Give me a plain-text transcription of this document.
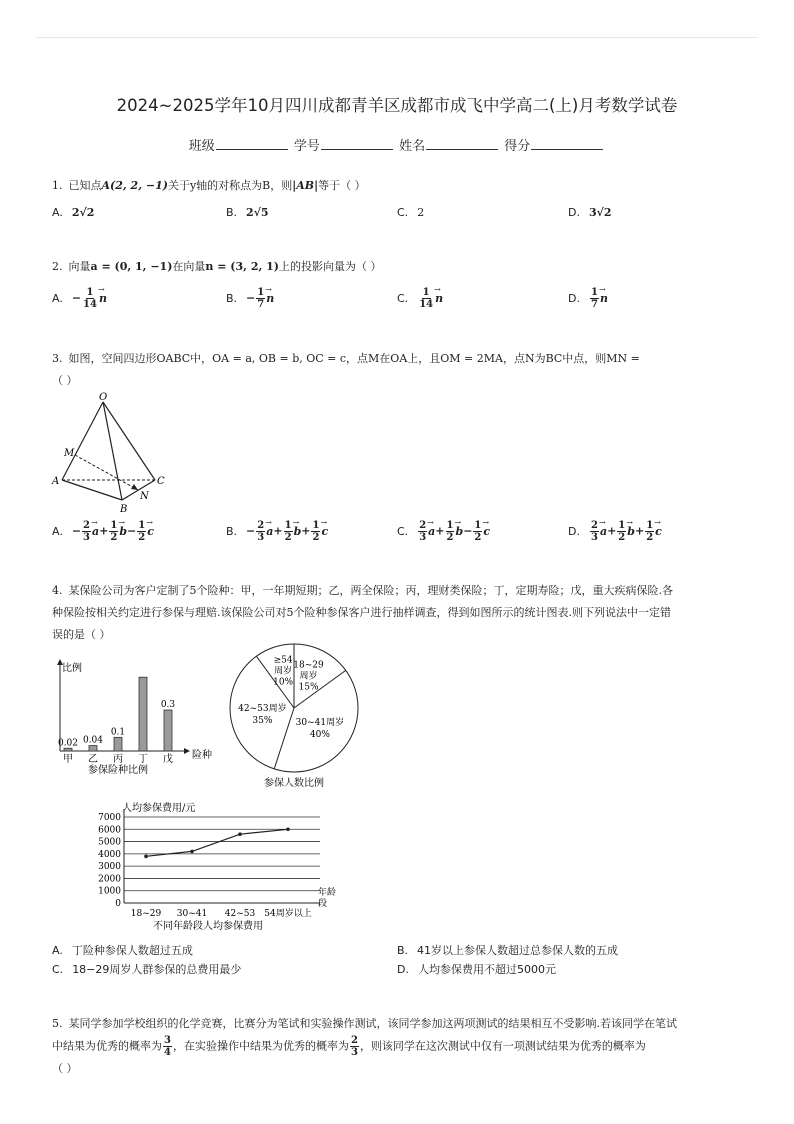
2024~2025学年10月四川成都青羊区成都市成飞中学高二(上)月考数学试卷
班级	学号	姓名	得分
1. 已知点A(2, 2, −1)关于y轴的对称点为B，则|AB|等于（ ）
A. 2√2	B. 2√5	C. 2	D. 3√2
2. 向量a = (0, 1, −1)在向量n = (3, 2, 1)上的投影向量为（ ）
A. − $\frac{1}{14}$
→ n	B. − $\frac{1}{7}$
→ n	C. $\frac{1}{14}$
→ n	D. $\frac{1}{7}$
→ n
3. 如图，空间四边形OABC中，OA = a, OB = b, OC = c，点M在OA上，且OM = 2MA，点N为BC中点，则MN =
（ ）
O
M
A
B
C
N
A. − $\frac{2}{3}$
→ $a+ \frac{1}{2}$
→ $b- \frac{1}{2}$
→ c	B. − $\frac{2}{3}$
→ $a+ \frac{1}{2}$
→ $b+ \frac{1}{2}$
→ c	C. $\frac{2}{3}$
→ $a+ \frac{1}{2}$
→ $b- \frac{1}{2}$
→ c	D. $\frac{2}{3}$
→ $a+ \frac{1}{2}$
→ $b+ \frac{1}{2}$
→ c
4. 某保险公司为客户定制了5个险种：甲，一年期短期；乙，两全保险；丙，理财类保险；丁，定期寿险；戊，重大疾病保险.各
种保险按相关约定进行参保与理赔.该保险公司对5个险种参保客户进行抽样调查，得到如图所示的统计图表.则下列说法中一定错
误的是（ ）
比例
险种
参保险种比例
甲
0.02
乙
0.04
丙
0.1
丁 戊
0.3
18~29
周岁
15%
30~41周岁
40%
42~53周岁
35%
≥54
周岁
10%
参保人数比例
人均参保费用/元
0
1000
2000
3000
4000
5000
6000
7000
年龄
段
18~29 30~41 42~53 54周岁以上
不同年龄段人均参保费用
A. 丁险种参保人数超过五成	B. 41岁以上参保人数超过总参保人数的五成
C. 18−29周岁人群参保的总费用最少	D. 人均参保费用不超过5000元
5. 某同学参加学校组织的化学竞赛，比赛分为笔试和实验操作测试，该同学参加这两项测试的结果相互不受影响.若该同学在笔试
中结果为优秀的概率为 $\frac{3}{4}$ ，在实验操作中结果为优秀的概率为 $\frac{2}{3}$ ，则该同学在这次测试中仅有一项测试结果为优秀的概率为
（ ）
